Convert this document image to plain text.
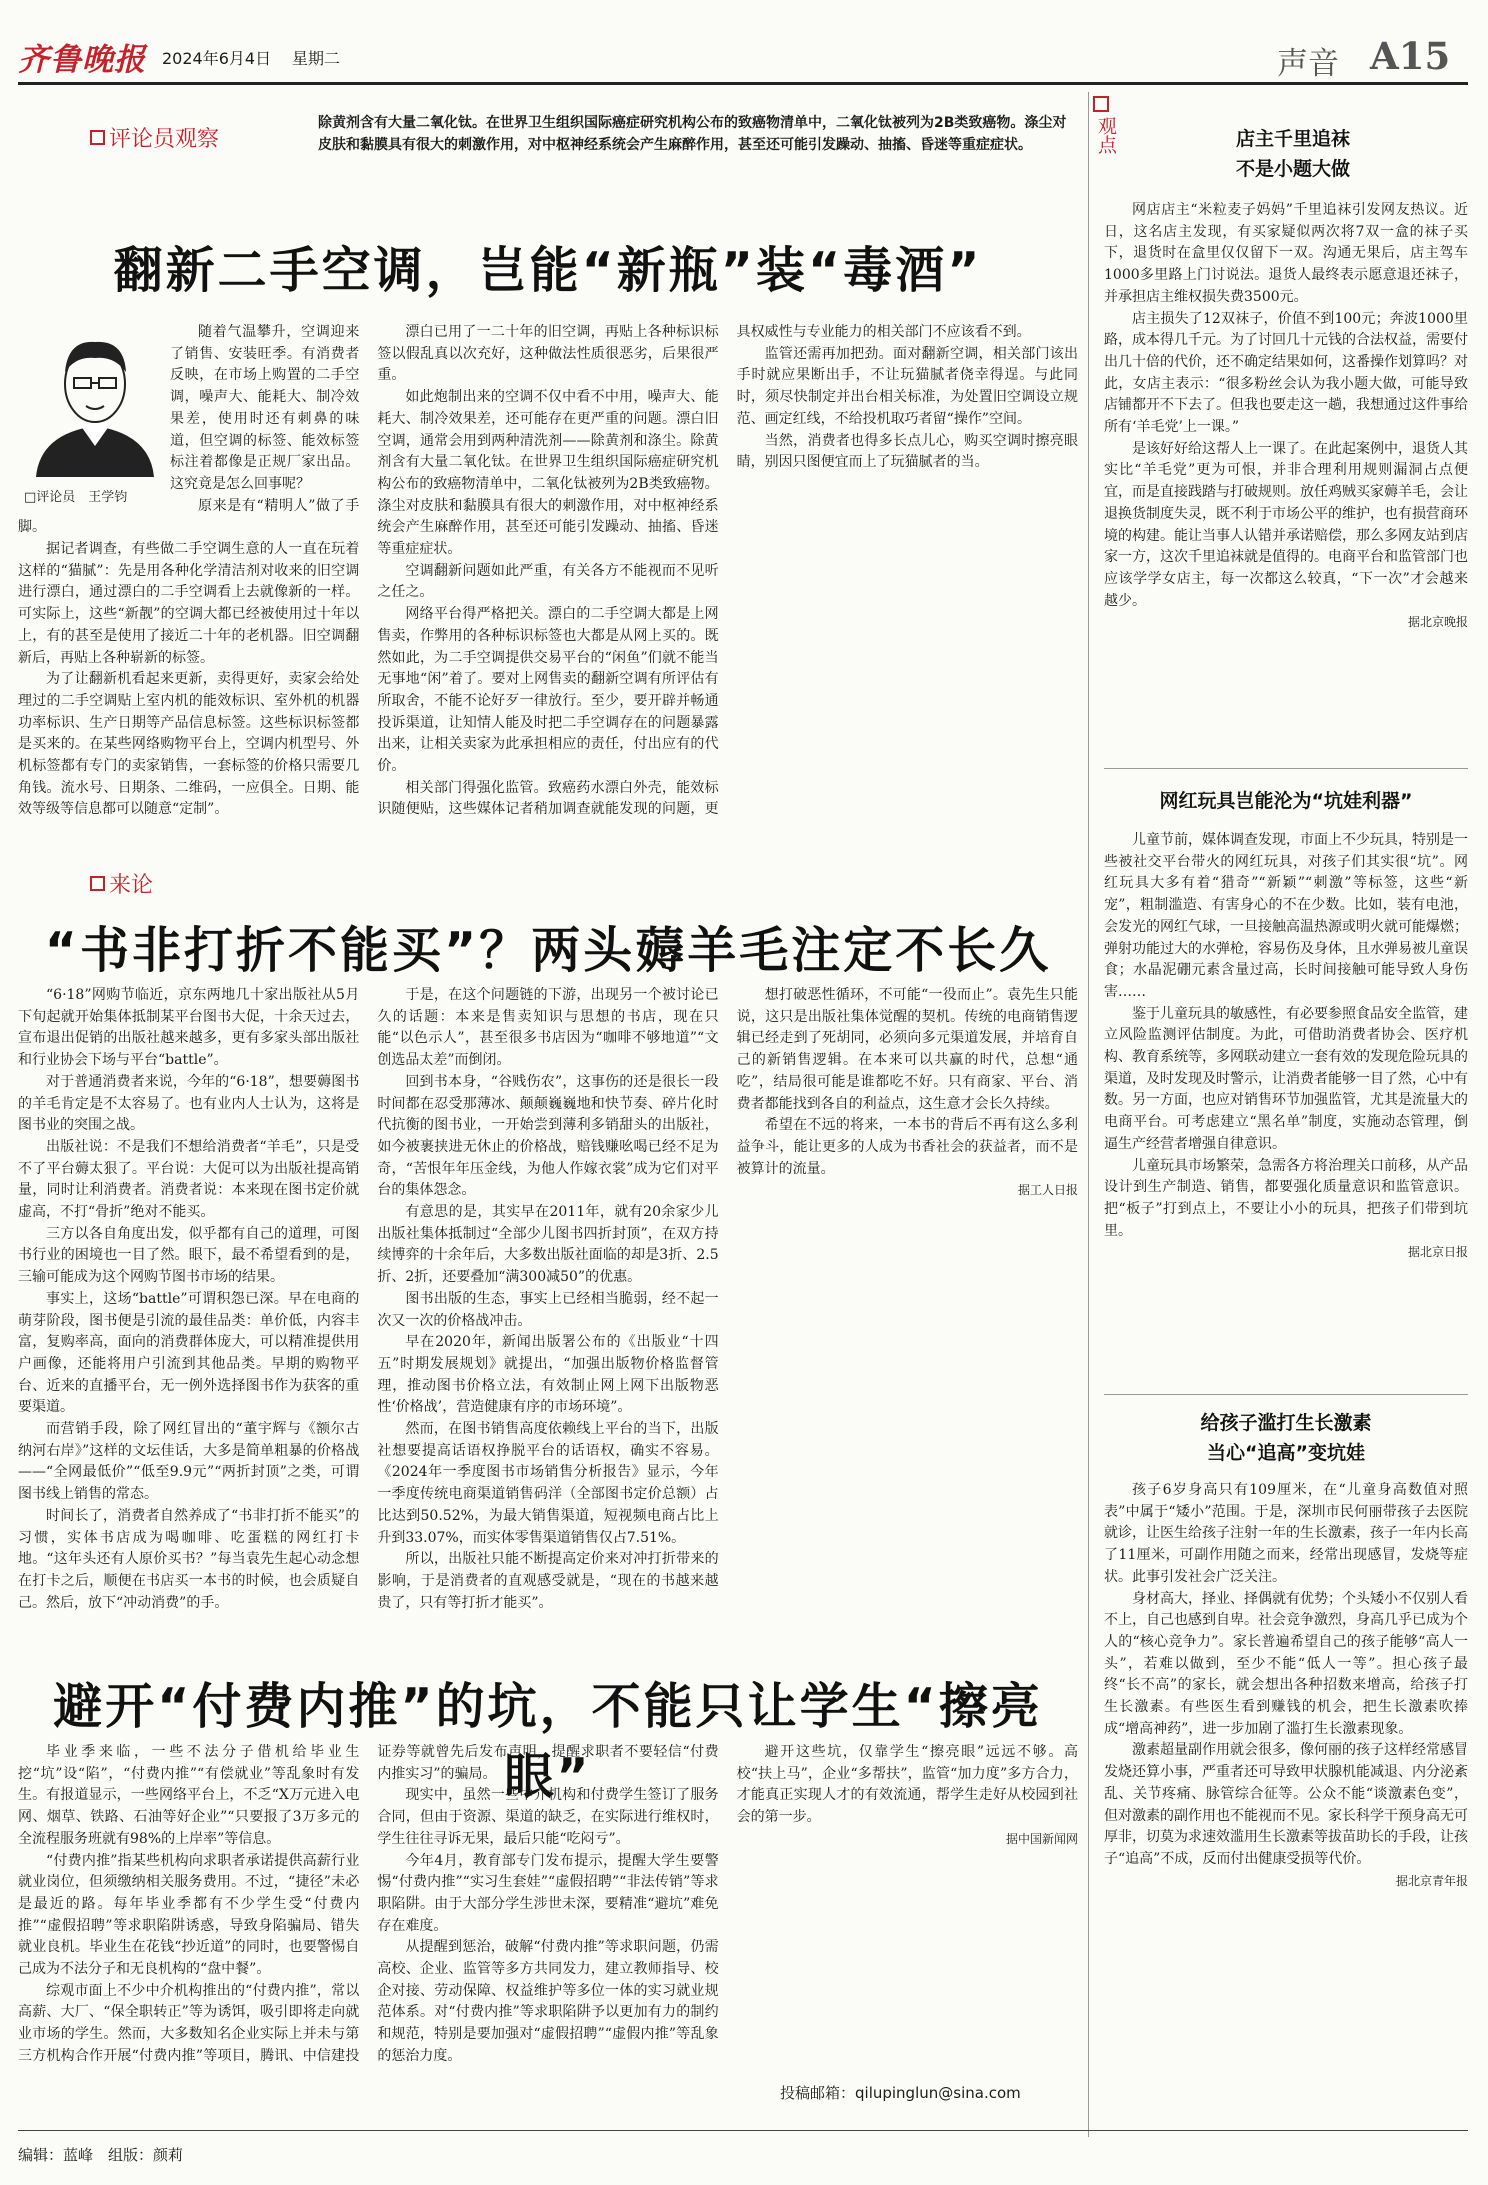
齐鲁晚报 2024年6月4日 星期二	声音 A15
观点
评论员观察
除黄剂含有大量二氧化钛。在世界卫生组织国际癌症研究机构公布的致癌物清单中，二氧化钛被列为2B类致癌物。涤尘对皮肤和黏膜具有很大的刺激作用，对中枢神经系统会产生麻醉作用，甚至还可能引发躁动、抽搐、昏迷等重症症状。
翻新二手空调，岂能“新瓶”装“毒酒”
□评论员　王学钧

随着气温攀升，空调迎来了销售、安装旺季。有消费者反映，在市场上购置的二手空调，噪声大、能耗大、制冷效果差，使用时还有刺鼻的味道，但空调的标签、能效标签标注着都像是正规厂家出品。这究竟是怎么回事呢？

原来是有“精明人”做了手脚。

据记者调查，有些做二手空调生意的人一直在玩着这样的“猫腻”：先是用各种化学清洁剂对收来的旧空调进行漂白，通过漂白的二手空调看上去就像新的一样。可实际上，这些“新靓”的空调大都已经被使用过十年以上，有的甚至是使用了接近二十年的老机器。旧空调翻新后，再贴上各种崭新的标签。

为了让翻新机看起来更新，卖得更好，卖家会给处理过的二手空调贴上室内机的能效标识、室外机的机器功率标识、生产日期等产品信息标签。这些标识标签都是买来的。在某些网络购物平台上，空调内机型号、外机标签都有专门的卖家销售，一套标签的价格只需要几角钱。流水号、日期条、二维码，一应俱全。日期、能效等级等信息都可以随意“定制”。

漂白已用了一二十年的旧空调，再贴上各种标识标签以假乱真以次充好，这种做法性质很恶劣，后果很严重。

如此炮制出来的空调不仅中看不中用，噪声大、能耗大、制冷效果差，还可能存在更严重的问题。漂白旧空调，通常会用到两种清洗剂——除黄剂和涤尘。除黄剂含有大量二氧化钛。在世界卫生组织国际癌症研究机构公布的致癌物清单中，二氧化钛被列为2B类致癌物。涤尘对皮肤和黏膜具有很大的刺激作用，对中枢神经系统会产生麻醉作用，甚至还可能引发躁动、抽搐、昏迷等重症症状。

空调翻新问题如此严重，有关各方不能视而不见听之任之。

网络平台得严格把关。漂白的二手空调大都是上网售卖，作弊用的各种标识标签也大都是从网上买的。既然如此，为二手空调提供交易平台的“闲鱼”们就不能当无事地“闲”着了。要对上网售卖的翻新空调有所评估有所取舍，不能不论好歹一律放行。至少，要开辟并畅通投诉渠道，让知情人能及时把二手空调存在的问题暴露出来，让相关卖家为此承担相应的责任，付出应有的代价。

相关部门得强化监管。致癌药水漂白外壳，能效标识随便贴，这些媒体记者稍加调查就能发现的问题，更具权威性与专业能力的相关部门不应该看不到。

监管还需再加把劲。面对翻新空调，相关部门该出手时就应果断出手，不让玩猫腻者侥幸得逞。与此同时，须尽快制定并出台相关标准，为处置旧空调设立规范、画定红线，不给投机取巧者留“操作”空间。

当然，消费者也得多长点儿心，购买空调时擦亮眼睛，别因只图便宜而上了玩猫腻者的当。

来论
“书非打折不能买”？两头薅羊毛注定不长久

“6·18”网购节临近，京东两地几十家出版社从5月下旬起就开始集体抵制某平台图书大促，十余天过去，宣布退出促销的出版社越来越多，更有多家头部出版社和行业协会下场与平台“battle”。

对于普通消费者来说，今年的“6·18”，想要薅图书的羊毛肯定是不太容易了。也有业内人士认为，这将是图书业的突围之战。

出版社说：不是我们不想给消费者“羊毛”，只是受不了平台薅太狠了。平台说：大促可以为出版社提高销量，同时让利消费者。消费者说：本来现在图书定价就虚高，不打“骨折”绝对不能买。

三方以各自角度出发，似乎都有自己的道理，可图书行业的困境也一目了然。眼下，最不希望看到的是，三输可能成为这个网购节图书市场的结果。

事实上，这场“battle”可谓积怨已深。早在电商的萌芽阶段，图书便是引流的最佳品类：单价低，内容丰富，复购率高，面向的消费群体庞大，可以精准提供用户画像，还能将用户引流到其他品类。早期的购物平台、近来的直播平台，无一例外选择图书作为获客的重要渠道。

而营销手段，除了网红冒出的“董宇辉与《额尔古纳河右岸》”这样的文坛佳话，大多是简单粗暴的价格战——“全网最低价”“低至9.9元”“两折封顶”之类，可谓图书线上销售的常态。

时间长了，消费者自然养成了“书非打折不能买”的习惯，实体书店成为喝咖啡、吃蛋糕的网红打卡地。“这年头还有人原价买书？”每当袁先生起心动念想在打卡之后，顺便在书店买一本书的时候，也会质疑自己。然后，放下“冲动消费”的手。

于是，在这个问题链的下游，出现另一个被讨论已久的话题：本来是售卖知识与思想的书店，现在只能“以色示人”，甚至很多书店因为“咖啡不够地道”“文创选品太差”而倒闭。

回到书本身，“谷贱伤农”，这事伤的还是很长一段时间都在忍受那薄冰、颠颠巍巍地和快节奏、碎片化时代抗衡的图书业，一开始尝到薄利多销甜头的出版社，如今被裹挟进无休止的价格战，赔钱赚吆喝已经不足为奇，“苦恨年年压金线，为他人作嫁衣裳”成为它们对平台的集体怨念。

有意思的是，其实早在2011年，就有20余家少儿出版社集体抵制过“全部少儿图书四折封顶”，在双方持续博弈的十余年后，大多数出版社面临的却是3折、2.5折、2折，还要叠加“满300减50”的优惠。

图书出版的生态，事实上已经相当脆弱，经不起一次又一次的价格战冲击。

早在2020年，新闻出版署公布的《出版业“十四五”时期发展规划》就提出，“加强出版物价格监督管理，推动图书价格立法，有效制止网上网下出版物恶性‘价格战’，营造健康有序的市场环境”。

然而，在图书销售高度依赖线上平台的当下，出版社想要提高话语权挣脱平台的话语权，确实不容易。《2024年一季度图书市场销售分析报告》显示，今年一季度传统电商渠道销售码洋（全部图书定价总额）占比达到50.52%，为最大销售渠道，短视频电商占比上升到33.07%，而实体零售渠道销售仅占7.51%。

所以，出版社只能不断提高定价来对冲打折带来的影响，于是消费者的直观感受就是，“现在的书越来越贵了，只有等打折才能买”。

想打破恶性循环，不可能“一役而止”。袁先生只能说，这只是出版社集体觉醒的契机。传统的电商销售逻辑已经走到了死胡同，必须向多元渠道发展，并培育自己的新销售逻辑。在本来可以共赢的时代，总想“通吃”，结局很可能是谁都吃不好。只有商家、平台、消费者都能找到各自的利益点，这生意才会长久持续。

希望在不远的将来，一本书的背后不再有这么多利益争斗，能让更多的人成为书香社会的获益者，而不是被算计的流量。

据工人日报

避开“付费内推”的坑，不能只让学生“擦亮眼”

毕业季来临，一些不法分子借机给毕业生挖“坑”设“陷”，“付费内推”“有偿就业”等乱象时有发生。有报道显示，一些网络平台上，不乏“X万元进入电网、烟草、铁路、石油等好企业”“只要报了3万多元的全流程服务班就有98%的上岸率”等信息。

“付费内推”指某些机构向求职者承诺提供高薪行业就业岗位，但须缴纳相关服务费用。不过，“捷径”未必是最近的路。每年毕业季都有不少学生受“付费内推”“虚假招聘”等求职陷阱诱惑，导致身陷骗局、错失就业良机。毕业生在花钱“抄近道”的同时，也要警惕自己成为不法分子和无良机构的“盘中餐”。

综观市面上不少中介机构推出的“付费内推”，常以高薪、大厂、“保全职转正”等为诱饵，吸引即将走向就业市场的学生。然而，大多数知名企业实际上并未与第三方机构合作开展“付费内推”等项目，腾讯、中信建投证券等就曾先后发布声明，提醒求职者不要轻信“付费内推实习”的骗局。

现实中，虽然一些中介机构和付费学生签订了服务合同，但由于资源、渠道的缺乏，在实际进行维权时，学生往往寻诉无果，最后只能“吃闷亏”。

今年4月，教育部专门发布提示，提醒大学生要警惕“付费内推”“实习生套娃”“虚假招聘”“非法传销”等求职陷阱。由于大部分学生涉世未深，要精准“避坑”难免存在难度。

从提醒到惩治，破解“付费内推”等求职问题，仍需高校、企业、监管等多方共同发力，建立教师指导、校企对接、劳动保障、权益维护等多位一体的实习就业规范体系。对“付费内推”等求职陷阱予以更加有力的制约和规范，特别是要加强对“虚假招聘”“虚假内推”等乱象的惩治力度。

避开这些坑，仅靠学生“擦亮眼”远远不够。高校“扶上马”，企业“多帮扶”，监管“加力度”多方合力，才能真正实现人才的有效流通，帮学生走好从校园到社会的第一步。

据中国新闻网

投稿邮箱：qilupinglun@sina.com
店主千里追袜
不是小题大做

网店店主“米粒麦子妈妈”千里追袜引发网友热议。近日，这名店主发现，有买家疑似两次将7双一盒的袜子买下，退货时在盒里仅仅留下一双。沟通无果后，店主驾车1000多里路上门讨说法。退货人最终表示愿意退还袜子，并承担店主维权损失费3500元。

店主损失了12双袜子，价值不到100元；奔波1000里路，成本得几千元。为了讨回几十元钱的合法权益，需要付出几十倍的代价，还不确定结果如何，这番操作划算吗？对此，女店主表示：“很多粉丝会认为我小题大做，可能导致店铺都开不下去了。但我也要走这一趟，我想通过这件事给所有‘羊毛党’上一课。”

是该好好给这帮人上一课了。在此起案例中，退货人其实比“羊毛党”更为可恨，并非合理利用规则漏洞占点便宜，而是直接践踏与打破规则。放任鸡贼买家薅羊毛，会让退换货制度失灵，既不利于市场公平的维护，也有损营商环境的构建。能让当事人认错并承诺赔偿，那么多网友站到店家一方，这次千里追袜就是值得的。电商平台和监管部门也应该学学女店主，每一次都这么较真，“下一次”才会越来越少。

据北京晚报

网红玩具岂能沦为“坑娃利器”

儿童节前，媒体调查发现，市面上不少玩具，特别是一些被社交平台带火的网红玩具，对孩子们其实很“坑”。网红玩具大多有着“猎奇”“新颖”“刺激”等标签，这些“新宠”，粗制滥造、有害身心的不在少数。比如，装有电池，会发光的网红气球，一旦接触高温热源或明火就可能爆燃；弹射功能过大的水弹枪，容易伤及身体，且水弹易被儿童误食；水晶泥硼元素含量过高，长时间接触可能导致人身伤害……

鉴于儿童玩具的敏感性，有必要参照食品安全监管，建立风险监测评估制度。为此，可借助消费者协会、医疗机构、教育系统等，多网联动建立一套有效的发现危险玩具的渠道，及时发现及时警示，让消费者能够一目了然，心中有数。另一方面，也应对销售环节加强监管，尤其是流量大的电商平台。可考虑建立“黑名单”制度，实施动态管理，倒逼生产经营者增强自律意识。

儿童玩具市场繁荣，急需各方将治理关口前移，从产品设计到生产制造、销售，都要强化质量意识和监管意识。把“板子”打到点上，不要让小小的玩具，把孩子们带到坑里。

据北京日报

给孩子滥打生长激素
当心“追高”变坑娃

孩子6岁身高只有109厘米，在“儿童身高数值对照表”中属于“矮小”范围。于是，深圳市民何丽带孩子去医院就诊，让医生给孩子注射一年的生长激素，孩子一年内长高了11厘米，可副作用随之而来，经常出现感冒，发烧等症状。此事引发社会广泛关注。

身材高大，择业、择偶就有优势；个头矮小不仅别人看不上，自己也感到自卑。社会竞争激烈，身高几乎已成为个人的“核心竞争力”。家长普遍希望自己的孩子能够“高人一头”，若难以做到，至少不能“低人一等”。担心孩子最终“长不高”的家长，就会想出各种招数来增高，给孩子打生长激素。有些医生看到赚钱的机会，把生长激素吹捧成“增高神药”，进一步加剧了滥打生长激素现象。

激素超量副作用就会很多，像何丽的孩子这样经常感冒发烧还算小事，严重者还可导致甲状腺机能减退、内分泌紊乱、关节疼痛、脉管综合征等。公众不能“谈激素色变”，但对激素的副作用也不能视而不见。家长科学干预身高无可厚非，切莫为求速效滥用生长激素等拔苗助长的手段，让孩子“追高”不成，反而付出健康受损等代价。

据北京青年报

编辑：蓝峰　组版：颜莉
